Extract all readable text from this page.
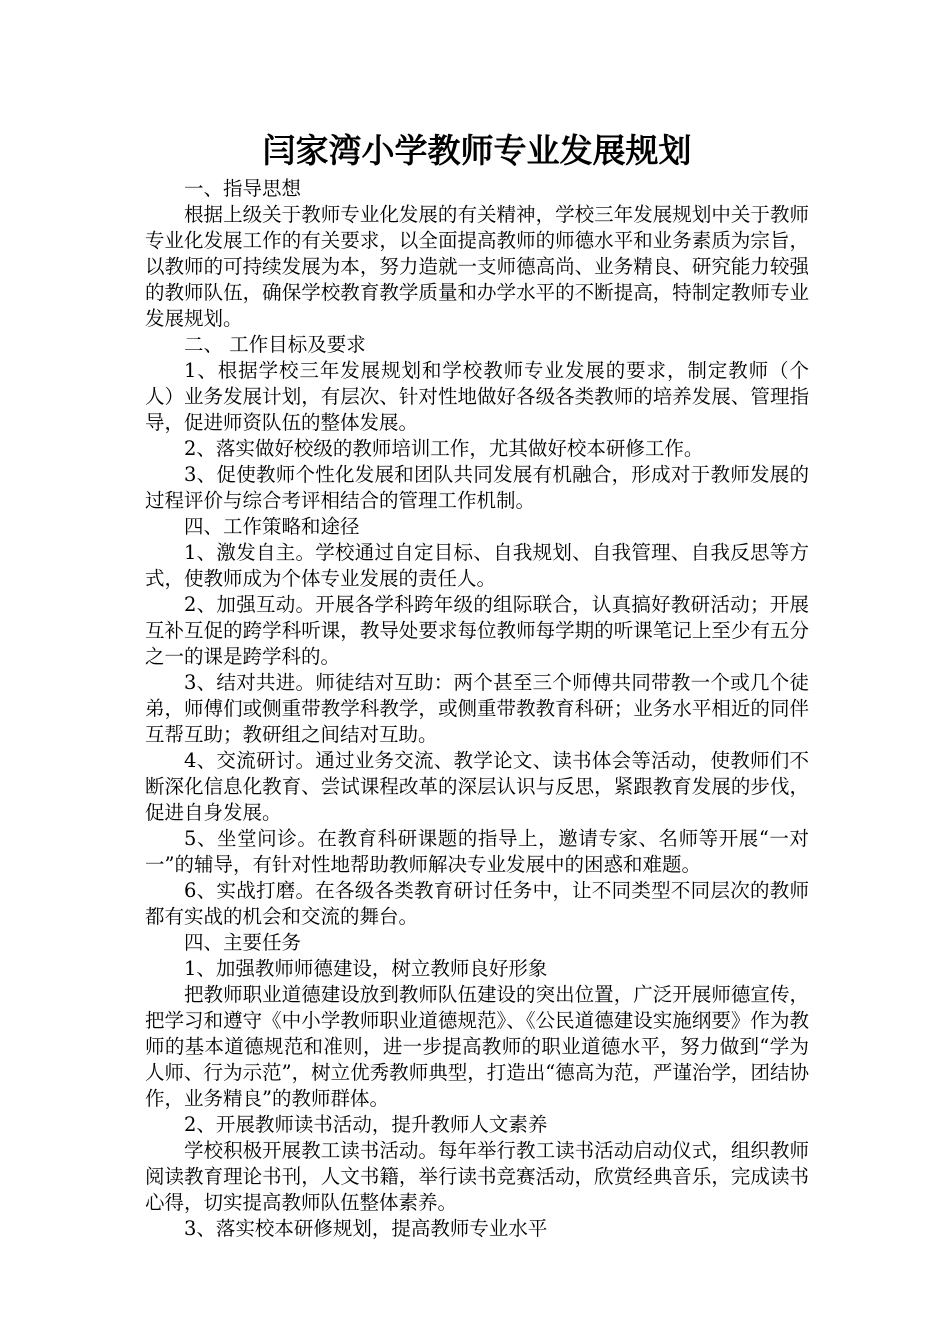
闫家湾小学教师专业发展规划

一、指导思想

根据上级关于教师专业化发展的有关精神，学校三年发展规划中关于教师专业化发展工作的有关要求，以全面提高教师的师德水平和业务素质为宗旨，以教师的可持续发展为本，努力造就一支师德高尚、业务精良、研究能力较强的教师队伍，确保学校教育教学质量和办学水平的不断提高，特制定教师专业发展规划。

二、 工作目标及要求

1、根据学校三年发展规划和学校教师专业发展的要求，制定教师（个人）业务发展计划，有层次、针对性地做好各级各类教师的培养发展、管理指导，促进师资队伍的整体发展。

2、落实做好校级的教师培训工作，尤其做好校本研修工作。

3、促使教师个性化发展和团队共同发展有机融合，形成对于教师发展的过程评价与综合考评相结合的管理工作机制。

四、工作策略和途径

1、激发自主。学校通过自定目标、自我规划、自我管理、自我反思等方式，使教师成为个体专业发展的责任人。

2、加强互动。开展各学科跨年级的组际联合，认真搞好教研活动；开展互补互促的跨学科听课，教导处要求每位教师每学期的听课笔记上至少有五分之一的课是跨学科的。

3、结对共进。师徒结对互助：两个甚至三个师傅共同带教一个或几个徒弟，师傅们或侧重带教学科教学，或侧重带教教育科研；业务水平相近的同伴互帮互助；教研组之间结对互助。

4、交流研讨。通过业务交流、教学论文、读书体会等活动，使教师们不断深化信息化教育、尝试课程改革的深层认识与反思，紧跟教育发展的步伐，促进自身发展。

5、坐堂问诊。在教育科研课题的指导上，邀请专家、名师等开展“一对一”的辅导，有针对性地帮助教师解决专业发展中的困惑和难题。

6、实战打磨。在各级各类教育研讨任务中，让不同类型不同层次的教师都有实战的机会和交流的舞台。

四、主要任务

1、加强教师师德建设，树立教师良好形象

把教师职业道德建设放到教师队伍建设的突出位置，广泛开展师德宣传，把学习和遵守《中小学教师职业道德规范》、《公民道德建设实施纲要》作为教师的基本道德规范和准则，进一步提高教师的职业道德水平，努力做到“学为人师、行为示范”，树立优秀教师典型，打造出“德高为范，严谨治学，团结协作，业务精良”的教师群体。

2、开展教师读书活动，提升教师人文素养

学校积极开展教工读书活动。每年举行教工读书活动启动仪式，组织教师阅读教育理论书刊，人文书籍，举行读书竞赛活动，欣赏经典音乐，完成读书心得，切实提高教师队伍整体素养。

3、落实校本研修规划，提高教师专业水平
